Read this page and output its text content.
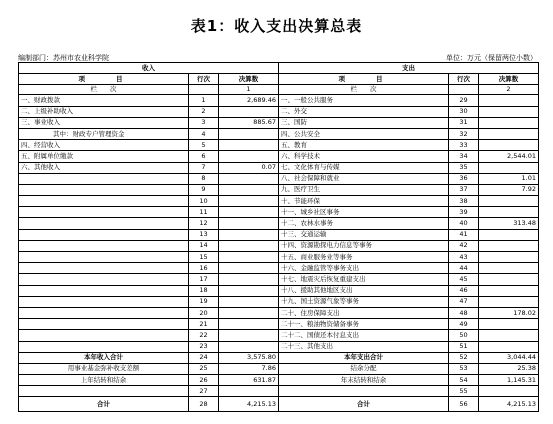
表1：收入支出决算总表
编制部门：苏州市农业科学院	单位：万元（保留两位小数）
收入			支出		
项　　目	行次	决算数	项　　目	行次	决算数
栏　　次		1	栏　　次		2
一、财政拨款	1	2,689.46	一、一般公共服务	29	
二、上级补助收入	2		二、外交	30	
三、事业收入	3	885.67	三、国防	31	
其中：财政专户管理资金	4		四、公共安全	32	
四、经营收入	5		五、教育	33	
五、附属单位缴款	6		六、科学技术	34	2,544.01
六、其他收入	7	0.07	七、文化体育与传媒	35	
	8		八、社会保障和就业	36	1.01
	9		九、医疗卫生	37	7.92
	10		十、节能环保	38	
	11		十一、城乡社区事务	39	
	12		十二、农林水事务	40	313.48
	13		十三、交通运输	41	
	14		十四、资源勘探电力信息等事务	42	
	15		十五、商业服务业等事务	43	
	16		十六、金融监管等事务支出	44	
	17		十七、地震灾后恢复重建支出	45	
	18		十八、援助其他地区支出	46	
	19		十九、国土资源气象等事务	47	
	20		二十、住房保障支出	48	178.02
	21		二十一、粮油物资储备事务	49	
	22		二十二、国债还本付息支出	50	
	23		二十三、其他支出	51	
本年收入合计	24	3,575.80	本年支出合计	52	3,044.44
用事业基金弥补收支差额	25	7.86	结余分配	53	25.38
上年结转和结余	26	631.87	年末结转和结余	54	1,145.31
	27			55	
合计	28	4,215.13	合计	56	4,215.13
